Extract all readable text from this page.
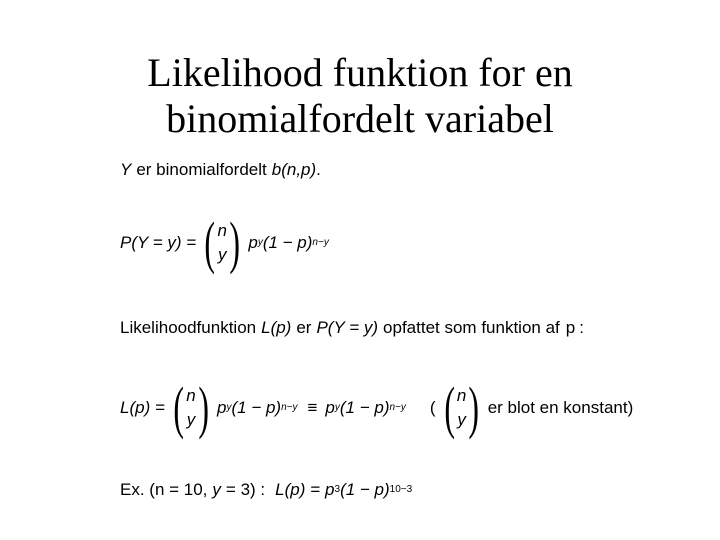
Likelihood funktion for en
binomialfordelt variabel
Y er binomialfordelt b(n,p) .
P(Y = y) = ( n
y ) p y (1 − p) n−y
Likelihoodfunktion L(p) er P(Y = y) opfattet som funktion af p :
L(p) = ( n
y ) p y (1 − p) n−y ≡ p y (1 − p) n−y ( ( n
y ) er blot en konstant)
Ex. (n = 10, y = 3) : L(p) = p 3 (1 − p) 10−3
